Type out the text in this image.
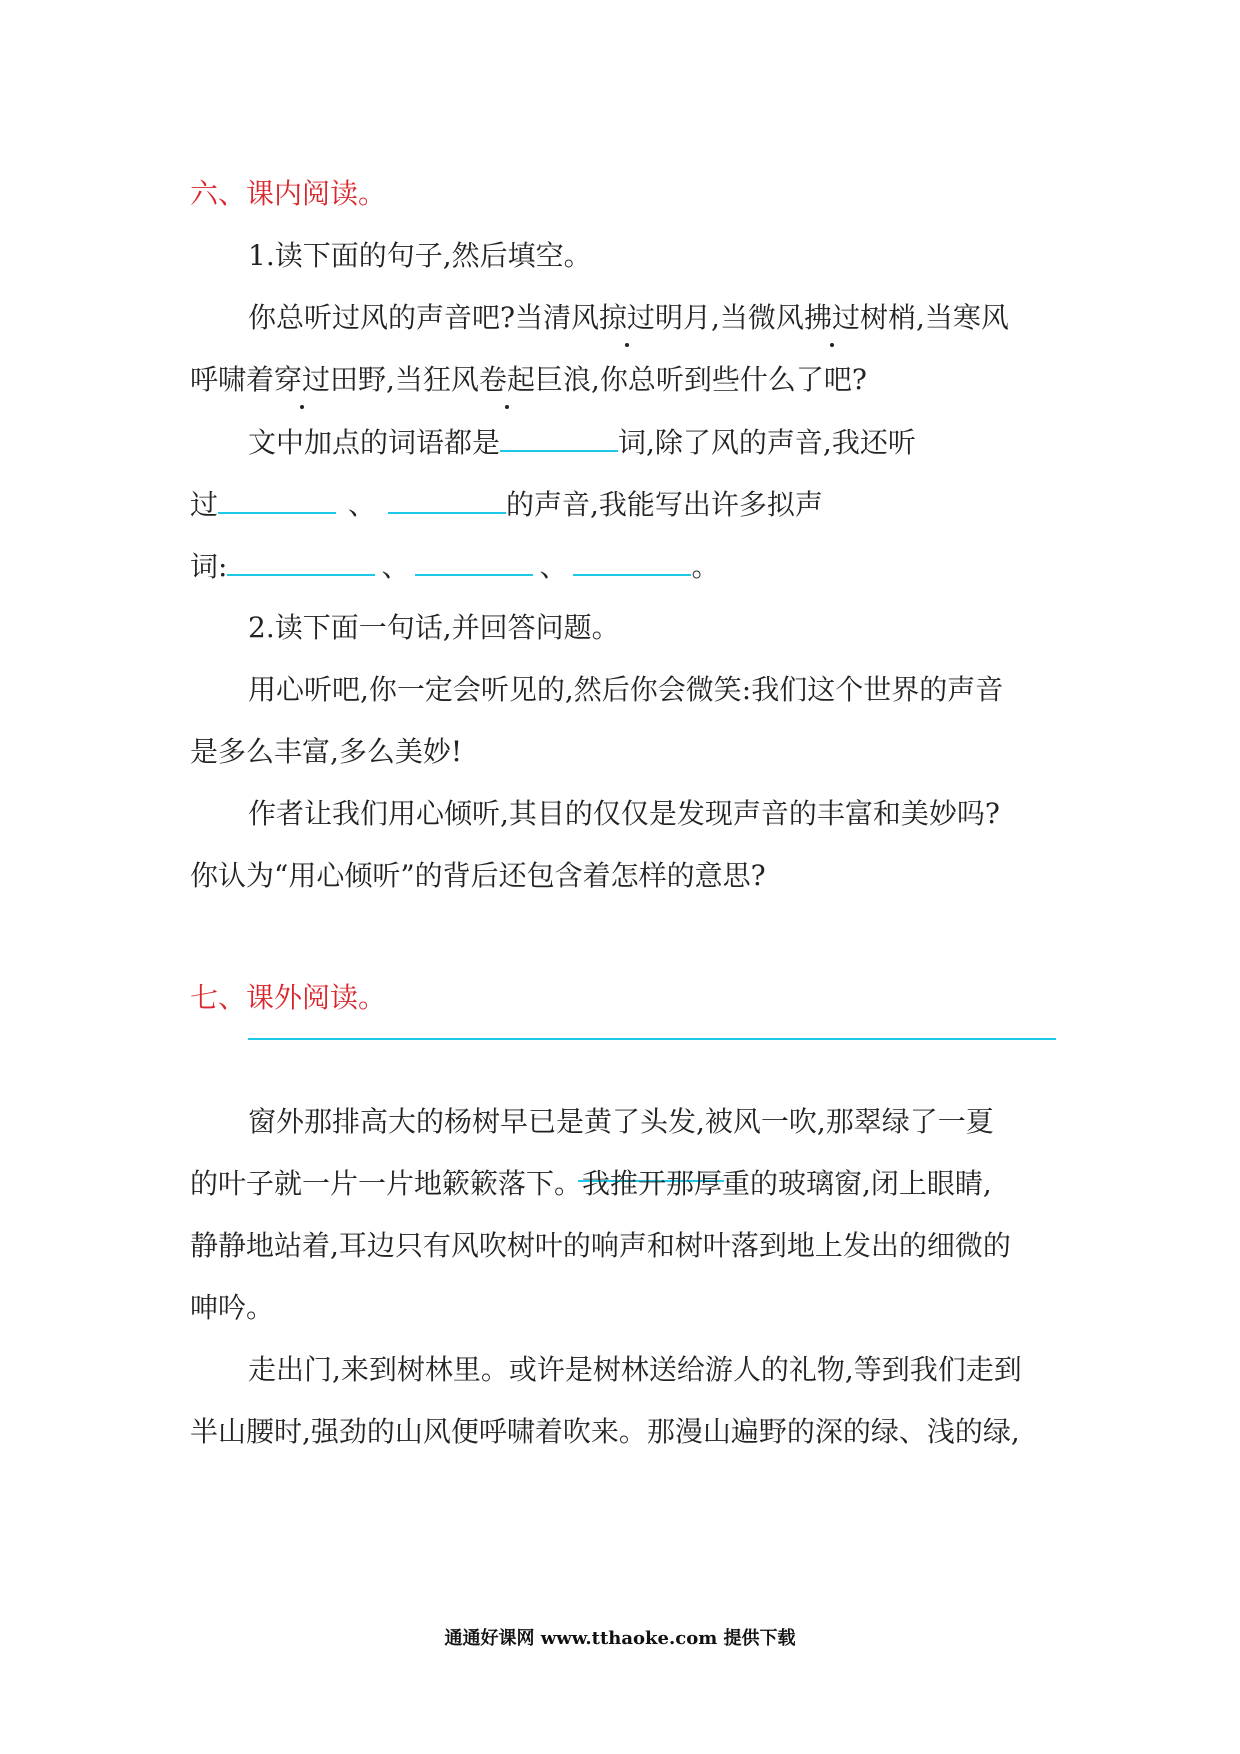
六、课内阅读。
1.读下面的句子,然后填空。
你总听过风的声音吧?当清风掠过明月,当微风拂过树梢,当寒风
呼啸着穿过田野,当狂风卷起巨浪,你总听到些什么了吧?
文中加点的词语都是	词,除了风的声音,我还听
过	、	的声音,我能写出许多拟声
词:	、	、	。
2.读下面一句话,并回答问题。
用心听吧,你一定会听见的,然后你会微笑:我们这个世界的声音
是多么丰富,多么美妙!
作者让我们用心倾听,其目的仅仅是发现声音的丰富和美妙吗?
你认为“用心倾听”的背后还包含着怎样的意思?
七、课外阅读。
窗外那排高大的杨树早已是黄了头发,被风一吹,那翠绿了一夏
的叶子就一片一片地簌簌落下。我推开那厚重的玻璃窗,闭上眼睛,
静静地站着,耳边只有风吹树叶的响声和树叶落到地上发出的细微的
呻吟。
走出门,来到树林里。或许是树林送给游人的礼物,等到我们走到
半山腰时,强劲的山风便呼啸着吹来。那漫山遍野的深的绿、浅的绿,
通通好课网 www.tthaoke.com 提供下载
